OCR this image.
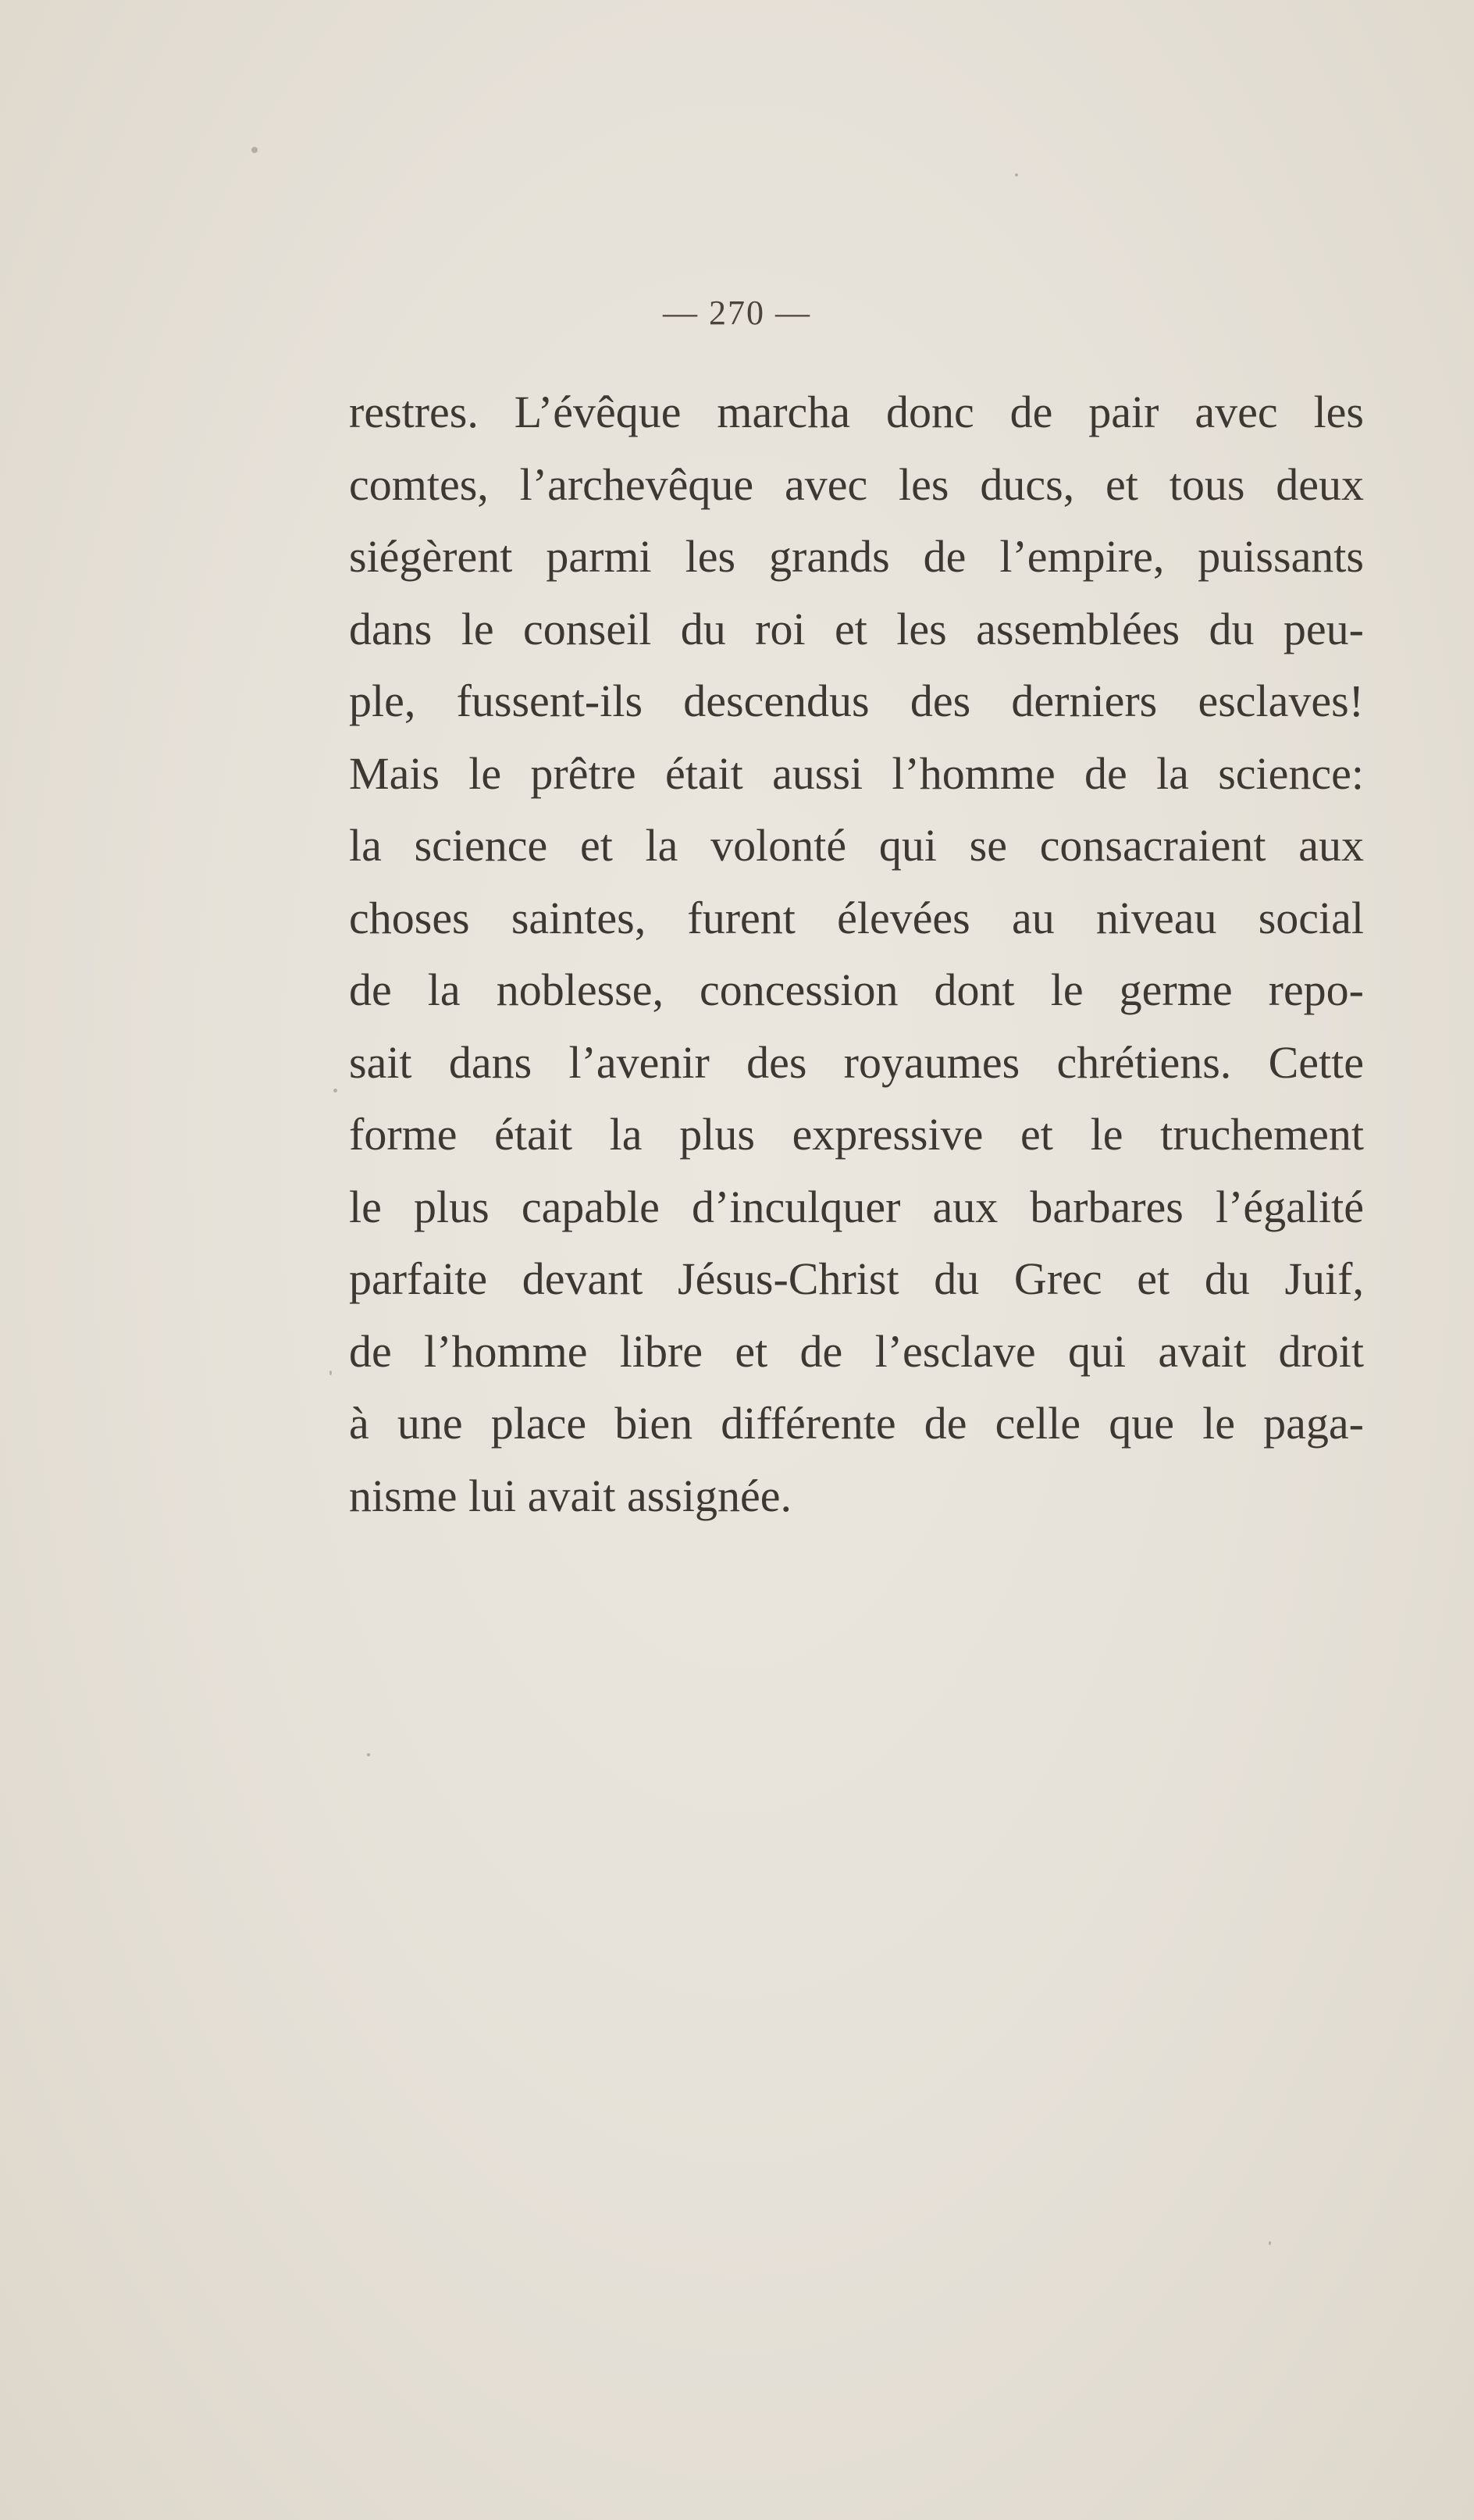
— 270 —
restres. L’évêque marcha donc de pair avec les
comtes, l’archevêque avec les ducs, et tous deux
siégèrent parmi les grands de l’empire, puissants
dans le conseil du roi et les assemblées du peu-
ple, fussent-ils descendus des derniers esclaves!
Mais le prêtre était aussi l’homme de la science:
la science et la volonté qui se consacraient aux
choses saintes, furent élevées au niveau social
de la noblesse, concession dont le germe repo-
sait dans l’avenir des royaumes chrétiens. Cette
forme était la plus expressive et le truchement
le plus capable d’inculquer aux barbares l’égalité
parfaite devant Jésus-Christ du Grec et du Juif,
de l’homme libre et de l’esclave qui avait droit
à une place bien différente de celle que le paga-
nisme lui avait assignée.
